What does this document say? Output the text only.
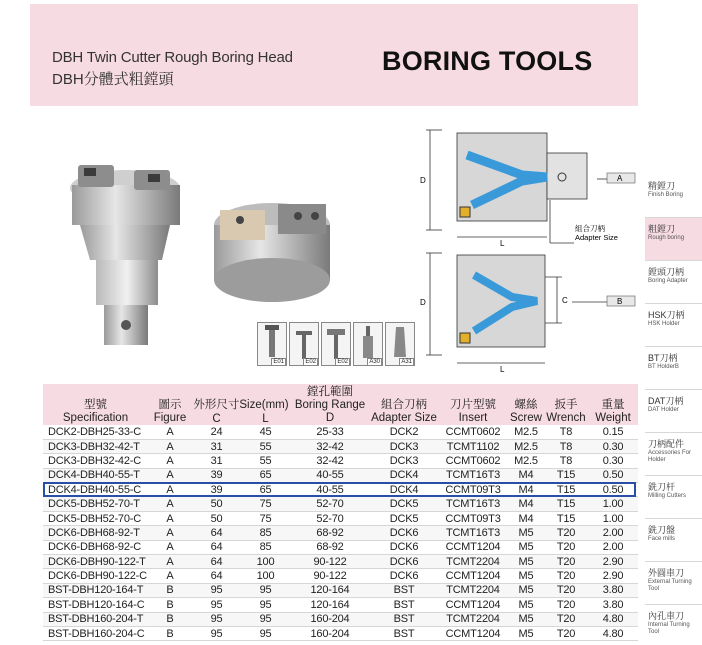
DBH Twin Cutter Rough Boring Head
DBH分體式粗鏜頭
BORING TOOLS
E01	E02	E02	A30	A31
D
L
A
組合刀柄
Adapter Size
D
L
C	B
精鏜刀
Finish Boring
粗鏜刀
Rough boring
鏜頭刀柄
Boring Adapter
HSK刀柄
HSK Holder
BT刀柄
BT HolderB
DAT刀柄
DAT Holder
刀柄配件
Accessories For Holder
銑刀杆
Milling Cutters
銑刀盤
Face mills
外圓車刀
External Turning Tool
內孔車刀
Internal Turning Tool
型號
Specification	圖示
Figure	外形尺寸Size(mm)		鏜孔範圍
Boring Range
D	組合刀柄
Adapter Size	刀片型號
Insert	螺絲
Screw	扳手
Wrench	重量
Weight
		C	L						
DCK2-DBH25-33-C	A	24	45	25-33	DCK2	CCMT0602	M2.5	T8	0.15
DCK3-DBH32-42-T	A	31	55	32-42	DCK3	TCMT1102	M2.5	T8	0.30
DCK3-DBH32-42-C	A	31	55	32-42	DCK3	CCMT0602	M2.5	T8	0.30
DCK4-DBH40-55-T	A	39	65	40-55	DCK4	TCMT16T3	M4	T15	0.50
DCK4-DBH40-55-C	A	39	65	40-55	DCK4	CCMT09T3	M4	T15	0.50
DCK5-DBH52-70-T	A	50	75	52-70	DCK5	TCMT16T3	M4	T15	1.00
DCK5-DBH52-70-C	A	50	75	52-70	DCK5	CCMT09T3	M4	T15	1.00
DCK6-DBH68-92-T	A	64	85	68-92	DCK6	TCMT16T3	M5	T20	2.00
DCK6-DBH68-92-C	A	64	85	68-92	DCK6	CCMT1204	M5	T20	2.00
DCK6-DBH90-122-T	A	64	100	90-122	DCK6	TCMT2204	M5	T20	2.90
DCK6-DBH90-122-C	A	64	100	90-122	DCK6	CCMT1204	M5	T20	2.90
BST-DBH120-164-T	B	95	95	120-164	BST	TCMT2204	M5	T20	3.80
BST-DBH120-164-C	B	95	95	120-164	BST	CCMT1204	M5	T20	3.80
BST-DBH160-204-T	B	95	95	160-204	BST	TCMT2204	M5	T20	4.80
BST-DBH160-204-C	B	95	95	160-204	BST	CCMT1204	M5	T20	4.80
